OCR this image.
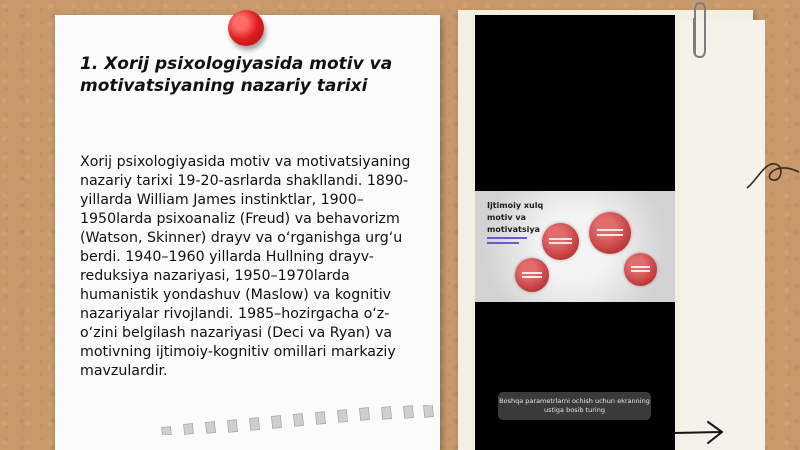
1. Xorij psixologiyasida motiv va motivatsiyaning nazariy tarixi
Xorij psixologiyasida motiv va motivatsiyaning nazariy tarixi 19-20-asrlarda shakllandi. 1890-yillarda William James instinktlar, 1900–1950larda psixoanaliz (Freud) va behavorizm (Watson, Skinner) drayv va o‘rganishga urg‘u berdi. 1940–1960 yillarda Hullning drayv-reduksiya nazariyasi, 1950–1970larda humanistik yondashuv (Maslow) va kognitiv nazariyalar rivojlandi. 1985–hozirgacha o‘z-o‘zini belgilash nazariyasi (Deci va Ryan) va motivning ijtimoiy-kognitiv omillari markaziy mavzulardir.
Ijtimoiy xulq motiv va motivatsiya
Boshqa parametrlarni ochish uchun ekranning ustiga bosib turing
